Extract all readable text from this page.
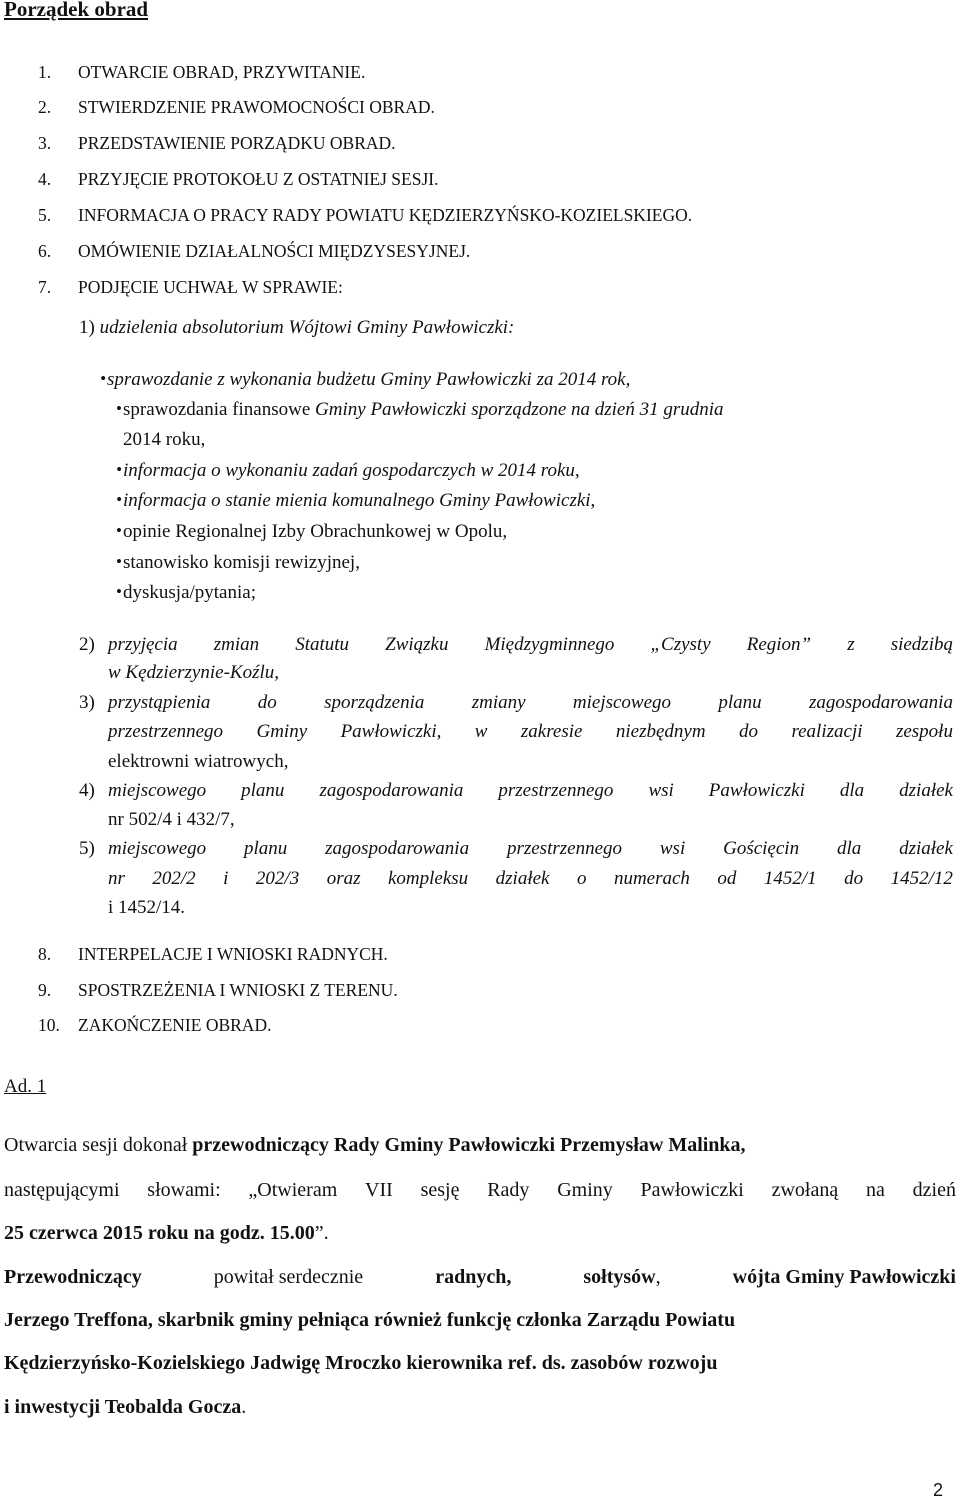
Porządek obrad
1. OTWARCIE OBRAD, PRZYWITANIE.
2. STWIERDZENIE PRAWOMOCNOŚCI OBRAD.
3. PRZEDSTAWIENIE PORZĄDKU OBRAD.
4. PRZYJĘCIE PROTOKOŁU Z OSTATNIEJ SESJI.
5. INFORMACJA O PRACY RADY POWIATU KĘDZIERZYŃSKO-KOZIELSKIEGO.
6. OMÓWIENIE DZIAŁALNOŚCI MIĘDZYSESYJNEJ.
7. PODJĘCIE UCHWAŁ W SPRAWIE:
1) udzielenia absolutorium Wójtowi Gminy Pawłowiczki:
• sprawozdanie z wykonania budżetu Gminy Pawłowiczki za 2014 rok,
• sprawozdania finansowe Gminy Pawłowiczki sporządzone na dzień 31 grudnia
2014 roku,
• informacja o wykonaniu zadań gospodarczych w 2014 roku,
• informacja o stanie mienia komunalnego Gminy Pawłowiczki,
• opinie Regionalnej Izby Obrachunkowej w Opolu,
• stanowisko komisji rewizyjnej,
• dyskusja/pytania;
2) przyjęcia zmian Statutu Związku Międzygminnego „Czysty Region” z siedzibą
w Kędzierzynie-Koźlu,
3) przystąpienia do sporządzenia zmiany miejscowego planu zagospodarowania
przestrzennego Gminy Pawłowiczki, w zakresie niezbędnym do realizacji zespołu
elektrowni wiatrowych,
4) miejscowego planu zagospodarowania przestrzennego wsi Pawłowiczki dla działek
nr 502/4 i 432/7,
5) miejscowego planu zagospodarowania przestrzennego wsi Gościęcin dla działek
nr 202/2 i 202/3 oraz kompleksu działek o numerach od 1452/1 do 1452/12
i 1452/14.
8. INTERPELACJE I WNIOSKI RADNYCH.
9. SPOSTRZEŻENIA I WNIOSKI Z TERENU.
10. ZAKOŃCZENIE OBRAD.
Ad. 1
Otwarcia sesji dokonał przewodniczący Rady Gminy Pawłowiczki Przemysław Malinka,
następującymi słowami: „Otwieram VII sesję Rady Gminy Pawłowiczki zwołaną na dzień
25 czerwca 2015 roku na godz. 15.00”.
Przewodniczący	powitał serdecznie	radnych,	sołtysów,	wójta Gminy Pawłowiczki
Jerzego Treffona, skarbnik gminy pełniąca również funkcję członka Zarządu Powiatu
Kędzierzyńsko-Kozielskiego Jadwigę Mroczko kierownika ref. ds. zasobów rozwoju
i inwestycji Teobalda Gocza.
2
